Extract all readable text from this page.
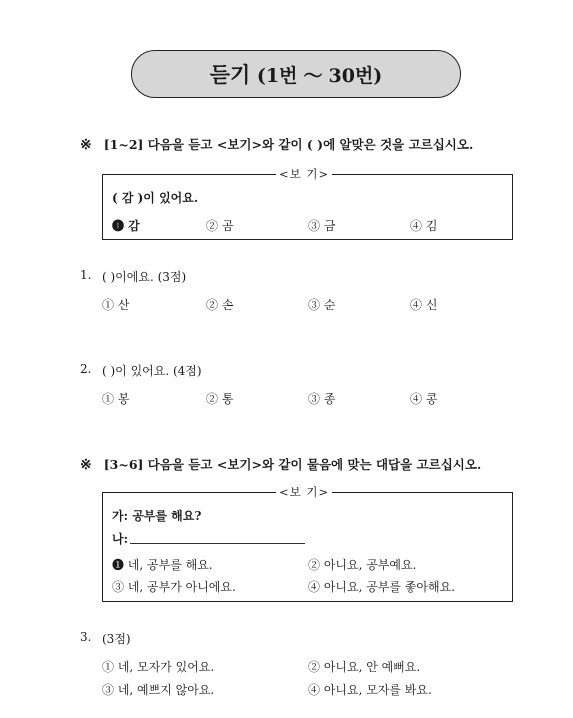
듣기
(1번 ～ 30번)
※ [1~2] 다음을 듣고 <보기>와 같이 ( )에 알맞은 것을 고르십시오.
<보 기>
( 감 )이 있어요.
❶ 감	② 곰	③ 금	④ 김
1. ( )이에요. (3점)
① 산	② 손	③ 순	④ 신
2. ( )이 있어요. (4점)
① 봉	② 통	③ 종	④ 콩
※ [3~6] 다음을 듣고 <보기>와 같이 물음에 맞는 대답을 고르십시오.
<보 기>
가: 공부를 해요?
나:
❶ 네, 공부를 해요.	② 아니요, 공부예요.
③ 네, 공부가 아니에요.	④ 아니요, 공부를 좋아해요.
3. (3점)
① 네, 모자가 있어요.	② 아니요, 안 예뻐요.
③ 네, 예쁘지 않아요.	④ 아니요, 모자를 봐요.
